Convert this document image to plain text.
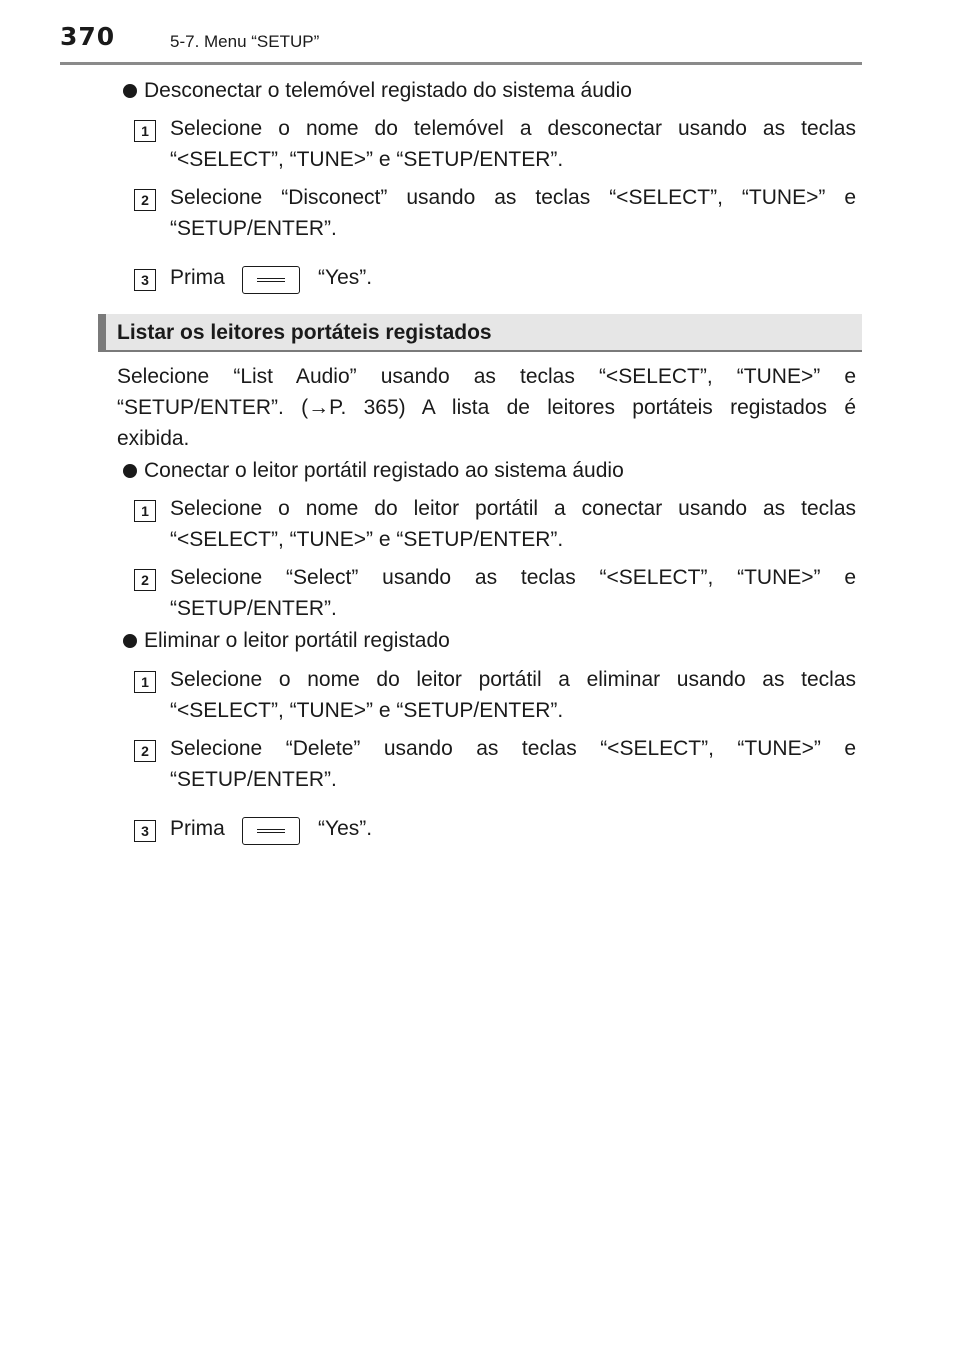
370	5-7. Menu “SETUP”
Desconectar o telemóvel registado do sistema áudio
1	Selecione o nome do telemóvel a desconectar usando as teclas
“<SELECT”, “TUNE>” e “SETUP/ENTER”.
2	Selecione “Disconect” usando as teclas “<SELECT”, “TUNE>” e
“SETUP/ENTER”.
3	Prima	“Yes”.
Listar os leitores portáteis registados
Selecione “List Audio” usando as teclas “<SELECT”, “TUNE>” e
“SETUP/ENTER”. (→P. 365) A lista de leitores portáteis registados é
exibida.
Conectar o leitor portátil registado ao sistema áudio
1	Selecione o nome do leitor portátil a conectar usando as teclas
“<SELECT”, “TUNE>” e “SETUP/ENTER”.
2	Selecione “Select” usando as teclas “<SELECT”, “TUNE>” e
“SETUP/ENTER”.
Eliminar o leitor portátil registado
1	Selecione o nome do leitor portátil a eliminar usando as teclas
“<SELECT”, “TUNE>” e “SETUP/ENTER”.
2	Selecione “Delete” usando as teclas “<SELECT”, “TUNE>” e
“SETUP/ENTER”.
3	Prima	“Yes”.
